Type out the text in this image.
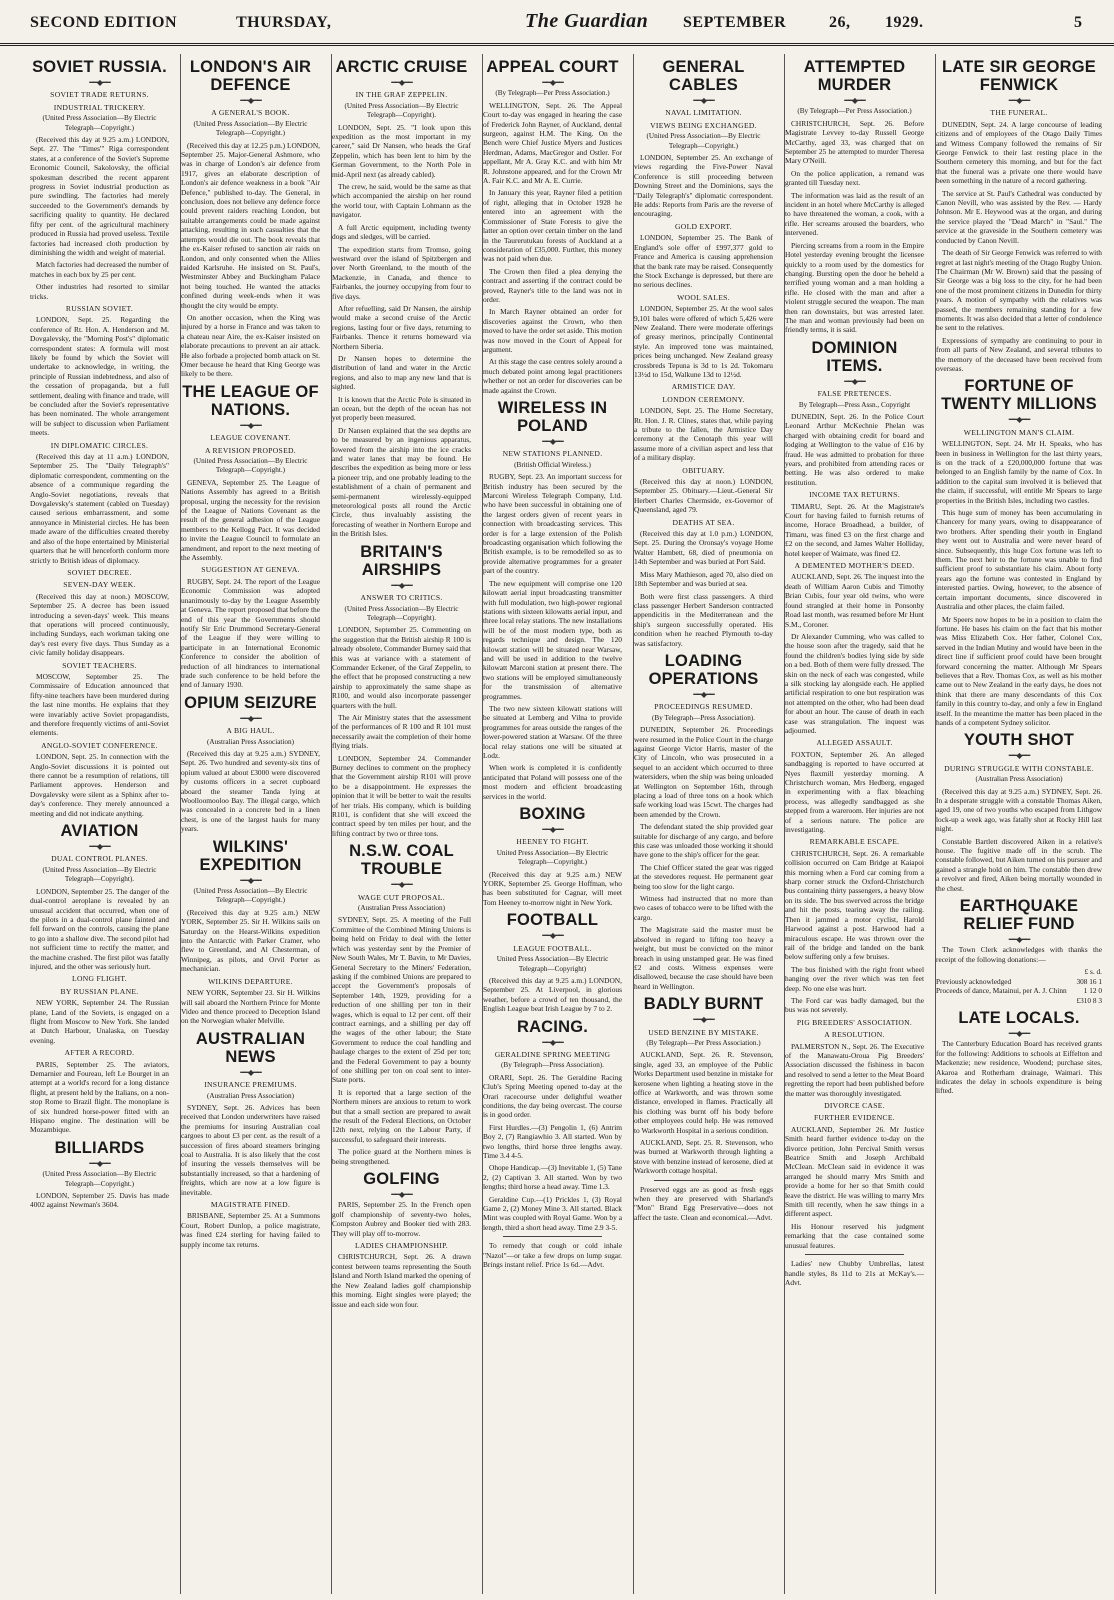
SECOND EDITION	THURSDAY,	The Guardian SEPTEMBER	26, 1929.	5
SOVIET RUSSIA.
━━◆━━
SOVIET TRADE RETURNS.
INDUSTRIAL TRICKERY.
(United Press Association—By Electric Telegraph—Copyright.)

(Received this day at 9.25 a.m.) LONDON, Sept. 27. The "Times'" Riga correspondent states, at a conference of the Soviet's Supreme Economic Council, Sakolovsky, the official spokesman described the recent apparent progress in Soviet industrial production as pure swindling. The factories had merely succeeded to the Government's demands by sacrificing quality to quantity. He declared fifty per cent. of the agricultural machinery produced in Russia had proved useless. Textile factories had increased cloth production by diminishing the width and weight of material.

Match factories had decreased the number of matches in each box by 25 per cent.

Other industries had resorted to similar tricks.

RUSSIAN SOVIET.

LONDON, Sept. 25. Regarding the conference of Rt. Hon. A. Henderson and M. Dovgalevsky, the "Morning Post's" diplomatic correspondent states: A formula will most likely be found by which the Soviet will undertake to acknowledge, in writing, the principle of Russian indebtedness, and also of the cessation of propaganda, but a full settlement, dealing with finance and trade, will be concluded after the Soviet's representative has been nominated. The whole arrangement will be subject to discussion when Parliament meets.

IN DIPLOMATIC CIRCLES.

(Received this day at 11 a.m.) LONDON, September 25. The "Daily Telegraph's" diplomatic correspondent, commenting on the absence of a communique regarding the Anglo-Soviet negotiations, reveals that Dovgalevsky's statement (cabled on Tuesday) caused serious embarrassment, and some annoyance in Ministerial circles. He has been made aware of the difficulties created thereby and also of the hope entertained by Ministerial quarters that he will henceforth conform more strictly to British ideas of diplomacy.

SOVIET DECREE.
SEVEN-DAY WEEK.

(Received this day at noon.) MOSCOW, September 25. A decree has been issued introducing a seven-days' week. This means that operations will proceed continuously, including Sundays, each workman taking one day's rest every five days. Thus Sunday as a civic family holiday disappears.

SOVIET TEACHERS.

MOSCOW, September 25. The Commissaire of Education announced that fifty-nine teachers have been murdered during the last nine months. He explains that they were invariably active Soviet propagandists, and therefore frequently victims of anti-Soviet elements.

ANGLO-SOVIET CONFERENCE.

LONDON, Sept. 25. In connection with the Anglo-Soviet discussions it is pointed out there cannot be a resumption of relations, till Parliament approves. Henderson and Dovgalevsky were silent as a Sphinx after to-day's conference. They merely announced a meeting and did not indicate anything.

AVIATION
━━◆━━
DUAL CONTROL PLANES.
(United Press Association—By Electric Telegraph—Copyright).

LONDON, September 25. The danger of the dual-control aeroplane is revealed by an unusual accident that occurred, when one of the pilots in a dual-control plane fainted and fell forward on the controls, causing the plane to go into a shallow dive. The second pilot had not sufficient time to rectify the matter, and the machine crashed. The first pilot was fatally injured, and the other was seriously hurt.

LONG FLIGHT.
BY RUSSIAN PLANE.

NEW YORK, September 24. The Russian plane, Land of the Soviets, is engaged on a flight from Moscow to New York. She landed at Dutch Harbour, Unalaska, on Tuesday evening.

AFTER A RECORD.

PARIS, September 25. The aviators, Demarnier and Foureau, left Le Bourget in an attempt at a world's record for a long distance flight, at present held by the Italians, on a non-stop Rome to Brazil flight. The monoplane is of six hundred horse-power fitted with an Hispano engine. The destination will be Mozambique.

BILLIARDS
━━◆━━
(United Press Association—By Electric Telegraph—Copyright.)

LONDON, September 25. Davis has made 4002 against Newman's 3604.

LONDON'S AIR DEFENCE
━━◆━━
A GENERAL'S BOOK.
(United Press Association—By Electric Telegraph—Copyright.)

(Received this day at 12.25 p.m.) LONDON, September 25. Major-General Ashmore, who was in charge of London's air defence from 1917, gives an elaborate description of London's air defence weakness in a book "Air Defence," published to-day. The General, in conclusion, does not believe any defence force could prevent raiders reaching London, but suitable arrangements could be made against attacking, resulting in such casualties that the attempts would die out. The book reveals that the ex-Kaiser refused to sanction air raids on London, and only consented when the Allies raided Karlsruhe. He insisted on St. Paul's, Westminster Abbey and Buckingham Palace not being touched. He wanted the attacks confined during week-ends when it was thought the city would be empty.

On another occasion, when the King was injured by a horse in France and was taken to a chateau near Aire, the ex-Kaiser insisted on elaborate precautions to prevent an air attack. He also forbade a projected bomb attack on St. Omer because he heard that King George was likely to be there.

THE LEAGUE OF NATIONS.
━━◆━━
LEAGUE COVENANT.
A REVISION PROPOSED.
(United Press Association—By Electric Telegraph—Copyright.)

GENEVA, September 25. The League of Nations Assembly has agreed to a British proposal, urging the necessity for the revision of the League of Nations Covenant as the result of the general adhesion of the League members to the Kellogg Pact. It was decided to invite the League Council to formulate an amendment, and report to the next meeting of the Assembly.

SUGGESTION AT GENEVA.

RUGBY, Sept. 24. The report of the League Economic Commission was adopted unanimously to-day by the League Assembly at Geneva. The report proposed that before the end of this year the Governments should notify Sir Eric Drummond Secretary-General of the League if they were willing to participate in an International Economic Conference to consider the abolition of reduction of all hindrances to international trade such conference to be held before the end of January 1930.

OPIUM SEIZURE
━━◆━━
A BIG HAUL.
(Australian Press Association)

(Received this day at 9.25 a.m.) SYDNEY, Sept. 26. Two hundred and seventy-six tins of opium valued at about £3000 were discovered by customs officers in a secret cupboard aboard the steamer Tanda lying at Woolloomooloo Bay. The illegal cargo, which was concealed in a concrete bed in a linen chest, is one of the largest hauls for many years.

WILKINS' EXPEDITION
━━◆━━
(United Press Association—By Electric Telegraph—Copyright.)

(Received this day at 9.25 a.m.) NEW YORK, September 25. Sir H. Wilkins sails on Saturday on the Hearst-Wilkins expedition into the Antarctic with Parker Cramer, who flew to Greenland, and Al Chesterman, of Winnipeg, as pilots, and Orvil Porter as mechanician.

WILKINS DEPARTURE.

NEW YORK, September 23. Sir H. Wilkins will sail aboard the Northern Prince for Monte Video and thence proceed to Deception Island on the Norwegian whaler Melville.

AUSTRALIAN NEWS
━━◆━━
INSURANCE PREMIUMS.
(Australian Press Association)

SYDNEY, Sept. 26. Advices has been received that London underwriters have raised the premiums for insuring Australian coal cargoes to about £3 per cent. as the result of a succession of fires aboard steamers bringing coal to Australia. It is also likely that the cost of insuring the vessels themselves will be substantially increased, so that a hardening of freights, which are now at a low figure is inevitable.

MAGISTRATE FINED.

BRISBANE, September 25. At a Summons Court, Robert Dunlop, a police magistrate, was fined £24 sterling for having failed to supply income tax returns.

ARCTIC CRUISE
━━◆━━
IN THE GRAF ZEPPELIN.
(United Press Association—By Electric Telegraph—Copyright).

LONDON, Sept. 25. "I look upon this expedition as the most important in my career," said Dr Nansen, who heads the Graf Zeppelin, which has been lent to him by the German Government, to the North Pole in mid-April next (as already cabled).

The crew, he said, would be the same as that which accompanied the airship on her round the world tour, with Captain Lohmann as the navigator.

A full Arctic equipment, including twenty dogs and sledges, will be carried.

The expedition starts from Tromso, going westward over the island of Spitzbergen and over North Greenland, to the mouth of the Mackenzie, in Canada, and thence to Fairbanks, the journey occupying from four to five days.

After refuelling, said Dr Nansen, the airship would make a second cruise of the Arctic regions, lasting four or five days, returning to Fairbanks. Thence it returns homeward via Northern Siberia.

Dr Nansen hopes to determine the distribution of land and water in the Arctic regions, and also to map any new land that is sighted.

It is known that the Arctic Pole is situated in an ocean, but the depth of the ocean has not yet properly been measured.

Dr Nansen explained that the sea depths are to be measured by an ingenious apparatus, lowered from the airship into the ice cracks and water lanes that may be found. He describes the expedition as being more or less a pioneer trip, and one probably leading to the establishment of a chain of permanent and semi-permanent wirelessly-equipped meteorological posts all round the Arctic Circle, thus invaluably assisting the forecasting of weather in Northern Europe and in the British Isles.

BRITAIN'S AIRSHIPS
━━◆━━
ANSWER TO CRITICS.
(United Press Association—By Electric Telegraph—Copyright).

LONDON, September 25. Commenting on the suggestion that the British airship R 100 is already obsolete, Commander Burney said that this was at variance with a statement of Commander Eckener, of the Graf Zeppelin, to the effect that he proposed constructing a new airship to approximately the same shape as R100, and would also incorporate passenger quarters with the hull.

The Air Ministry states that the assessment of the performances of R 100 and R 101 must necessarily await the completion of their home flying trials.

LONDON, September 24. Commander Burney declines to comment on the prophecy that the Government airship R101 will prove to be a disappointment. He expresses the opinion that it will be better to wait the results of her trials. His company, which is building R101, is confident that she will exceed the contract speed by ten miles per hour, and the lifting contract by two or three tons.

N.S.W. COAL TROUBLE
━━◆━━
WAGE CUT PROPOSAL.
(Australian Press Association)

SYDNEY, Sept. 25. A meeting of the Full Committee of the Combined Mining Unions is being held on Friday to deal with the letter which was yesterday sent by the Premier of New South Wales, Mr T. Bavin, to Mr Davies, General Secretary to the Miners' Federation, asking if the combined Unions are prepared to accept the Government's proposals of September 14th, 1929, providing for a reduction of one shilling per ton in their wages, which is equal to 12 per cent. off their contract earnings, and a shilling per day off the wages of the other labour; the State Government to reduce the coal handling and haulage charges to the extent of 25d per ton; and the Federal Government to pay a bounty of one shilling per ton on coal sent to inter-State ports.

It is reported that a large section of the Northern miners are anxious to return to work but that a small section are prepared to await the result of the Federal Elections, on October 12th next, relying on the Labour Party, if successful, to safeguard their interests.

The police guard at the Northern mines is being strengthened.

GOLFING
━━◆━━

PARIS, September 25. In the French open golf championship of seventy-two holes, Compston Aubrey and Booker tied with 283. They will play off to-morrow.

LADIES CHAMPIONSHIP.

CHRISTCHURCH, Sept. 26. A drawn contest between teams representing the South Island and North Island marked the opening of the New Zealand ladies golf championship this morning. Eight singles were played; the issue and each side won four.

APPEAL COURT
━━◆━━
(By Telegraph—Per Press Association.)

WELLINGTON, Sept. 26. The Appeal Court to-day was engaged in hearing the case of Frederick John Rayner, of Auckland, dental surgeon, against H.M. The King. On the Bench were Chief Justice Myers and Justices Herdman, Adams, MacGregor and Ostler. For appellant, Mr A. Gray K.C. and with him Mr R. Johnstone appeared, and for the Crown Mr A. Fair K.C. and Mr A. E. Currie.

In January this year, Rayner filed a petition of right, alleging that in October 1928 he entered into an agreement with the Commissioner of State Forests to give the latter an option over certain timber on the land in the Taurerutukau forests of Auckland at a consideration of £35,000. Further, this money was not paid when due.

The Crown then filed a plea denying the contract and asserting if the contract could be proved, Rayner's title to the land was not in order.

In March Rayner obtained an order for discoveries against the Crown, who then moved to have the order set aside. This motion was now moved in the Court of Appeal for argument.

At this stage the case centres solely around a much debated point among legal practitioners whether or not an order for discoveries can be made against the Crown.

WIRELESS IN POLAND
━━◆━━
NEW STATIONS PLANNED.
(British Official Wireless.)

RUGBY, Sept. 23. An important success for British industry has been secured by the Marconi Wireless Telegraph Company, Ltd. who have been successful in obtaining one of the largest orders given of recent years in connection with broadcasting services. This order is for a large extension of the Polish broadcasting organisation which following the British example, is to be remodelled so as to provide alternative programmes for a greater part of the country.

The new equipment will comprise one 120 kilowatt aerial input broadcasting transmitter with full modulation, two high-power regional stations with sixteen kilowatts aerial input, and three local relay stations. The new installations will be of the most modern type, both as regards technique and design. The 120 kilowatt station will be situated near Warsaw, and will be used in addition to the twelve kilowatt Marconi station at present there. The two stations will be employed simultaneously for the transmission of alternative programmes.

The two new sixteen kilowatt stations will be situated at Lemberg and Vilna to provide programmes for areas outside the ranges of the lower-powered station at Warsaw. Of the three local relay stations one will be situated at Lodz.

When work is completed it is confidently anticipated that Poland will possess one of the most modern and efficient broadcasting services in the world.

BOXING
━━◆━━
HEENEY TO FIGHT.
United Press Association—By Electric Telegraph—Copyright.)

(Received this day at 9.25 a.m.) NEW YORK, September 25. George Hoffman, who has been substituted for Cagnar, will meet Tom Heeney to-morrow night in New York.

FOOTBALL
━━◆━━
LEAGUE FOOTBALL.
United Press Association—By Electric Telegraph—Copyright)

(Received this day at 9.25 a.m.) LONDON, September 25. At Liverpool, in glorious weather, before a crowd of ten thousand, the English League beat Irish League by 7 to 2.

RACING.
━━◆━━
GERALDINE SPRING MEETING
(By Telegraph—Press Association).

ORARI, Sept. 26. The Geraldine Racing Club's Spring Meeting opened to-day at the Orari racecourse under delightful weather conditions, the day being overcast. The course is in good order.

First Hurdles.—(3) Pengolin 1, (6) Antrim Boy 2, (7) Rangiawhio 3. All started. Won by two lengths, third horse three lengths away. Time 3.4 4-5.

Ohope Handicap.—(3) Inevitable 1, (5) Tane 2, (2) Captivan 3. All started. Won by two lengths; third horse a head away. Time 1.3.

Geraldine Cup.—(1) Prickles 1, (3) Royal Game 2, (2) Money Mine 3. All started. Black Mint was coupled with Royal Game. Won by a length, third a short head away. Time 2.9 3-5.

To remedy that cough or cold inhale "Nazol"—or take a few drops on lump sugar. Brings instant relief. Price 1s 6d.—Advt.

GENERAL CABLES
━━◆━━
NAVAL LIMITATION.
VIEWS BEING EXCHANGED.
(United Press Association—By Electric Telegraph—Copyright.)

LONDON, September 25. An exchange of views regarding the Five-Power Naval Conference is still proceeding between Downing Street and the Dominions, says the "Daily Telegraph's" diplomatic correspondent. He adds: Reports from Paris are the reverse of encouraging.

GOLD EXPORT.

LONDON, September 25. The Bank of England's sole offer of £997,377 gold to France and America is causing apprehension that the bank rate may be raised. Consequently the Stock Exchange is depressed, but there are no serious declines.

WOOL SALES.

LONDON, September 25. At the wool sales 9,101 bales were offered of which 5,426 were New Zealand. There were moderate offerings of greasy merinos, principally Continental style. An improved tone was maintained, prices being unchanged. New Zealand greasy crossbreds Tepuna is 3d to 1s 2d. Tokomaru 13½d to 15d, Walkune 13d to 12½d.

ARMISTICE DAY.
LONDON CEREMONY.

LONDON, Sept. 25. The Home Secretary, Rt. Hon. J. R. Clines, states that, while paying a tribute to the fallen, the Armistice Day ceremony at the Cenotaph this year will assume more of a civilian aspect and less that of a military display.

OBITUARY.

(Received this day at noon.) LONDON, September 25. Obituary.—Lieut.-General Sir Herbert Charles Chermside, ex-Governor of Queensland, aged 79.

DEATHS AT SEA.

(Received this day at 1.0 p.m.) LONDON, Sept. 25. During the Oronsay's voyage Home Walter Hambett, 68, died of pneumonia on 14th September and was buried at Port Said.

Miss Mary Mathieson, aged 70, also died on 18th September and was buried at sea.

Both were first class passengers. A third class passenger Herbert Sanderson contracted appendicitis in the Mediterranean and the ship's surgeon successfully operated. His condition when he reached Plymouth to-day was satisfactory.

LOADING OPERATIONS
━━◆━━
PROCEEDINGS RESUMED.
(By Telegraph—Press Association).

DUNEDIN, September 26. Proceedings were resumed in the Police Court in the charge against George Victor Harris, master of the City of Lincoln, who was prosecuted in a sequel to an accident which occurred to three watersiders, when the ship was being unloaded at Wellington on September 16th, through placing a load of three tons on a hook which safe working load was 15cwt. The charges had been amended by the Crown.

The defendant stated the ship provided gear suitable for discharge of any cargo, and before this case was unloaded those working it should have gone to the ship's officer for the gear.

The Chief Officer stated the gear was rigged at the stevedores request. He permanent gear being too slow for the light cargo.

Witness had instructed that no more than two cases of tobacco were to be lifted with the cargo.

The Magistrate said the master must be absolved in regard to lifting too heavy a weight, but must be convicted on the minor breach in using unstamped gear. He was fined £2 and costs. Witness expenses were disallowed, because the case should have been heard in Wellington.

BADLY BURNT
━━◆━━
USED BENZINE BY MISTAKE.
(By Telegraph—Per Press Association.)

AUCKLAND, Sept. 26. R. Stevenson, single, aged 33, an employee of the Public Works Department used benzine in mistake for kerosene when lighting a heating stove in the office at Warkworth, and was thrown some distance, enveloped in flames. Practically all his clothing was burnt off his body before other employees could help. He was removed to Warkworth Hospital in a serious condition.

AUCKLAND, Sept. 25. R. Stevenson, who was burned at Warkworth through lighting a stove with benzine instead of kerosene, died at Warkworth cottage hospital.

Preserved eggs are as good as fresh eggs when they are preserved with Sharland's "Mon" Brand Egg Preservative—does not affect the taste. Clean and economical.—Advt.

ATTEMPTED MURDER
━━◆━━
(By Telegraph—Per Press Association.)

CHRISTCHURCH, Sept. 26. Before Magistrate Levvey to-day Russell George McCarthy, aged 33, was charged that on September 25 he attempted to murder Theresa Mary O'Neill.

On the police application, a remand was granted till Tuesday next.

The information was laid as the result of an incident in an hotel where McCarthy is alleged to have threatened the woman, a cook, with a rifle. Her screams aroused the boarders, who intervened.

Piercing screams from a room in the Empire Hotel yesterday evening brought the licensee quickly to a room used by the domestics for changing. Bursting open the door he beheld a terrified young woman and a man holding a rifle. He closed with the man and after a violent struggle secured the weapon. The man then ran downstairs, but was arrested later. The man and woman previously had been on friendly terms, it is said.

DOMINION ITEMS.
━━◆━━
FALSE PRETENCES.
By Telegraph—Press Assn., Copyright

DUNEDIN, Sept. 26. In the Police Court Leonard Arthur McKechnie Phelan was charged with obtaining credit for board and lodging at Wellington to the value of £16 by fraud. He was admitted to probation for three years, and prohibited from attending races or betting. He was also ordered to make restitution.

INCOME TAX RETURNS.

TIMARU, Sept. 26. At the Magistrate's Court for having failed to furnish returns of income, Horace Broadhead, a builder, of Timaru, was fined £3 on the first charge and £2 on the second, and James Walter Holliday, hotel keeper of Waimate, was fined £2.

A DEMENTED MOTHER'S DEED.

AUCKLAND, Sept. 26. The inquest into the death of William Aaron Cubis and Timothy Brian Cubis, four year old twins, who were found strangled at their home in Ponsonby Road last month, was resumed before Mr Hunt S.M., Coroner.

Dr Alexander Cumming, who was called to the house soon after the tragedy, said that he found the children's bodies lying side by side on a bed. Both of them were fully dressed. The skin on the neck of each was congested, while a silk stocking lay alongside each. He applied artificial respiration to one but respiration was not attempted on the other, who had been dead for about an hour. The cause of death in each case was strangulation. The inquest was adjourned.

ALLEGED ASSAULT.

FOXTON, September 26. An alleged sandbagging is reported to have occurred at Nyes flaxmill yesterday morning. A Christchurch woman, Mrs Hedberg, engaged in experimenting with a flax bleaching process, was allegedly sandbagged as she stepped from a wareroom. Her injuries are not of a serious nature. The police are investigating.

REMARKABLE ESCAPE.

CHRISTCHURCH, Sept. 26. A remarkable collision occurred on Cam Bridge at Kaiapoi this morning when a Ford car coming from a sharp corner struck the Oxford-Christchurch bus containing thirty passengers, a heavy blow on its side. The bus swerved across the bridge and hit the posts, tearing away the railing. Then it jammed a motor cyclist, Harold Harwood against a post. Harwood had a miraculous escape. He was thrown over the rail of the bridge and landed on the bank below suffering only a few bruises.

The bus finished with the right front wheel hanging over the river which was ten feet deep. No one else was hurt.

The Ford car was badly damaged, but the bus was not severely.

PIG BREEDERS' ASSOCIATION.
A RESOLUTION.

PALMERSTON N., Sept. 26. The Executive of the Manawatu-Oroua Pig Breeders' Association discussed the fishiness in bacon and resolved to send a letter to the Meat Board regretting the report had been published before the matter was thoroughly investigated.

DIVORCE CASE.
FURTHER EVIDENCE.

AUCKLAND, September 26. Mr Justice Smith heard further evidence to-day on the divorce petition, John Percival Smith versus Beatrice Smith and Joseph Archibald McClean. McClean said in evidence it was arranged he should marry Mrs Smith and provide a home for her so that Smith could leave the district. He was willing to marry Mrs Smith till recently, when he saw things in a different aspect.

His Honour reserved his judgment remarking that the case contained some unusual features.

Ladies' new Chubby Umbrellas, latest handle styles, 8s 11d to 21s at McKay's.—Advt.

LATE SIR GEORGE FENWICK
━━◆━━
THE FUNERAL.

DUNEDIN, Sept. 24. A large concourse of leading citizens and of employees of the Otago Daily Times and Witness Company followed the remains of Sir George Fenwick to their last resting place in the Southern cemetery this morning, and but for the fact that the funeral was a private one there would have been something in the nature of a record gathering.

The service at St. Paul's Cathedral was conducted by Canon Nevill, who was assisted by the Rev. — Hardy Johnson. Mr E. Heywood was at the organ, and during the service played the "Dead March" in "Saul." The service at the graveside in the Southern cemetery was conducted by Canon Nevill.

The death of Sir George Fenwick was referred to with regret at last night's meeting of the Otago Rugby Union. The Chairman (Mr W. Brown) said that the passing of Sir George was a big loss to the city, for he had been one of the most prominent citizens in Dunedin for thirty years. A motion of sympathy with the relatives was passed, the members remaining standing for a few moments. It was also decided that a letter of condolence be sent to the relatives.

Expressions of sympathy are continuing to pour in from all parts of New Zealand, and several tributes to the memory of the deceased have been received from overseas.

FORTUNE OF TWENTY MILLIONS
━━◆━━
WELLINGTON MAN'S CLAIM.

WELLINGTON, Sept. 24. Mr H. Speaks, who has been in business in Wellington for the last thirty years, is on the track of a £20,000,000 fortune that was belonged to an English family by the name of Cox. In addition to the capital sum involved it is believed that the claim, if successful, will entitle Mr Spears to large properties in the British Isles, including two castles.

This huge sum of money has been accumulating in Chancery for many years, owing to disappearance of two brothers. After spending their youth in England they went out to Australia and were never heard of since. Subsequently, this huge Cox fortune was left to them. The next heir to the fortune was unable to find sufficient proof to substantiate his claim. About forty years ago the fortune was contested in England by interested parties. Owing, however, to the absence of certain important documents, since discovered in Australia and other places, the claim failed.

Mr Speers now hopes to be in a position to claim the fortune. He bases his claim on the fact that his mother was Miss Elizabeth Cox. Her father, Colonel Cox, served in the Indian Mutiny and would have been in the direct line if sufficient proof could have been brought forward concerning the matter. Although Mr Spears believes that a Rev. Thomas Cox, as well as his mother came out to New Zealand in the early days, he does not think that there are many descendants of this Cox family in this country to-day, and only a few in England itself. In the meantime the matter has been placed in the hands of a competent Sydney solicitor.

YOUTH SHOT
━━◆━━
DURING STRUGGLE WITH CONSTABLE.
(Australian Press Association)

(Received this day at 9.25 a.m.) SYDNEY, Sept. 26. In a desperate struggle with a constable Thomas Aiken, aged 19, one of two youths who escaped from Lithgow lock-up a week ago, was fatally shot at Rocky Hill last night.

Constable Bartlett discovered Aiken in a relative's house. The fugitive made off in the scrub. The constable followed, but Aiken turned on his pursuer and gained a strangle hold on him. The constable then drew a revolver and fired, Aiken being mortally wounded in the chest.

EARTHQUAKE RELIEF FUND
━━◆━━

The Town Clerk acknowledges with thanks the receipt of the following donations:—

	£ s. d.
Previously acknowledged	308 16 1
Proceeds of dance, Matainui, per A. J. Chinn	1 12 0
	£310 8 3
LATE LOCALS.
━━◆━━

The Canterbury Education Board has received grants for the following: Additions to schools at Eiffelton and Mackenzie; new residence, Woodend; purchase sites, Akaroa and Rotherham drainage, Waimari. This indicates the delay in schools expenditure is being lifted.
